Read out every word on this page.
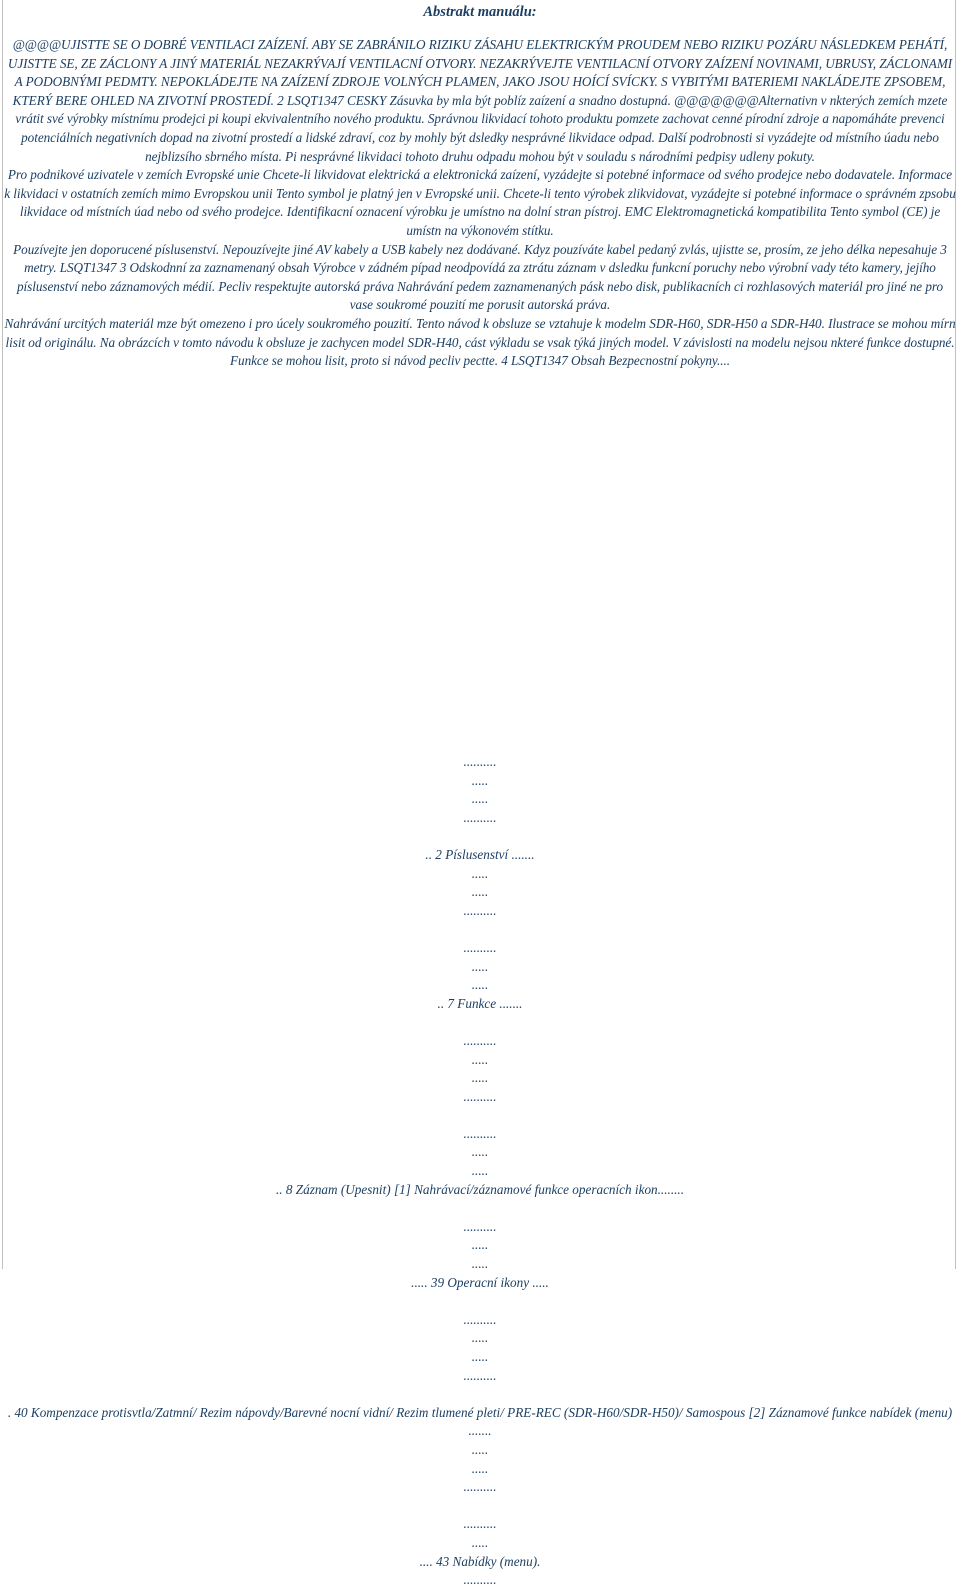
Abstrakt manuálu:

@@@@UJISTTE SE O DOBRÉ VENTILACI ZAÍZENÍ. ABY SE ZABRÁNILO RIZIKU ZÁSAHU ELEKTRICKÝM PROUDEM NEBO RIZIKU POZÁRU NÁSLEDKEM PEHÁTÍ, UJISTTE SE, ZE ZÁCLONY A JINÝ MATERIÁL NEZAKRÝVAJÍ VENTILACNÍ OTVORY. NEZAKRÝVEJTE VENTILACNÍ OTVORY ZAÍZENÍ NOVINAMI, UBRUSY, ZÁCLONAMI A PODOBNÝMI PEDMTY. NEPOKLÁDEJTE NA ZAÍZENÍ ZDROJE VOLNÝCH PLAMEN, JAKO JSOU HOÍCÍ SVÍCKY. S VYBITÝMI BATERIEMI NAKLÁDEJTE ZPSOBEM, KTERÝ BERE OHLED NA ZIVOTNÍ PROSTEDÍ. 2 LSQT1347 CESKY Zásuvka by mla být poblíz zaízení a snadno dostupná. @@@@@@@Alternativn v nkterých zemích mzete vrátit své výrobky místnímu prodejci pi koupi ekvivalentního nového produktu. Správnou likvidací tohoto produktu pomzete zachovat cenné pírodní zdroje a napomáháte prevenci potenciálních negativních dopad na zivotní prostedí a lidské zdraví, coz by mohly být dsledky nesprávné likvidace odpad. Další podrobnosti si vyzádejte od místního úadu nebo nejblizsího sbrného místa. Pi nesprávné likvidaci tohoto druhu odpadu mohou být v souladu s národními pedpisy udleny pokuty.

Pro podnikové uzivatele v zemích Evropské unie Chcete-li likvidovat elektrická a elektronická zaízení, vyzádejte si potebné informace od svého prodejce nebo dodavatele. Informace k likvidaci v ostatních zemích mimo Evropskou unii Tento symbol je platný jen v Evropské unii. Chcete-li tento výrobek zlikvidovat, vyzádejte si potebné informace o správném zpsobu likvidace od místních úad nebo od svého prodejce. Identifikacní oznacení výrobku je umístno na dolní stran pístroj. EMC Elektromagnetická kompatibilita Tento symbol (CE) je umístn na výkonovém stítku.

Pouzívejte jen doporucené píslusenství. Nepouzívejte jiné AV kabely a USB kabely nez dodávané. Kdyz pouzíváte kabel pedaný zvlás, ujistte se, prosím, ze jeho délka nepesahuje 3 metry. LSQT1347 3 Odskodnní za zaznamenaný obsah Výrobce v zádném pípad neodpovídá za ztrátu záznam v dsledku funkcní poruchy nebo výrobní vady této kamery, jejího píslusenství nebo záznamových médií. Pecliv respektujte autorská práva Nahrávání pedem zaznamenaných pásk nebo disk, publikacních ci rozhlasových materiál pro jiné ne pro vase soukromé pouzití me porusit autorská práva.

Nahrávání urcitých materiál mze být omezeno i pro úcely soukromého pouzití. Tento návod k obsluze se vztahuje k modelm SDR-H60, SDR-H50 a SDR-H40. Ilustrace se mohou mírn lisit od originálu. Na obrázcích v tomto návodu k obsluze je zachycen model SDR-H40, cást výkladu se vsak týká jiných model. V závislosti na modelu nejsou nkteré funkce dostupné. Funkce se mohou lisit, proto si návod pecliv pectte. 4 LSQT1347 Obsah Bezpecnostní pokyny....

..........

.....

.....

..........

.. 2 Píslusenství .......

.....

.....

..........

..........

.....

.....

.. 7 Funkce .......

..........

.....

.....

..........

..........

.....

.....

.. 8 Záznam (Upesnit) [1] Nahrávací/záznamové funkce operacních ikon........

..........

.....

.....

..... 39 Operacní ikony .....

..........

.....

.....

..........

. 40 Kompenzace protisvtla/Zatmní/ Rezim nápovdy/Barevné nocní vidní/ Rezim tlumené pleti/ PRE-REC (SDR-H60/SDR-H50)/ Samospous [2] Záznamové funkce nabídek (menu) .......

.....

.....

..........

..........

.....

.... 43 Nabídky (menu).

..........
